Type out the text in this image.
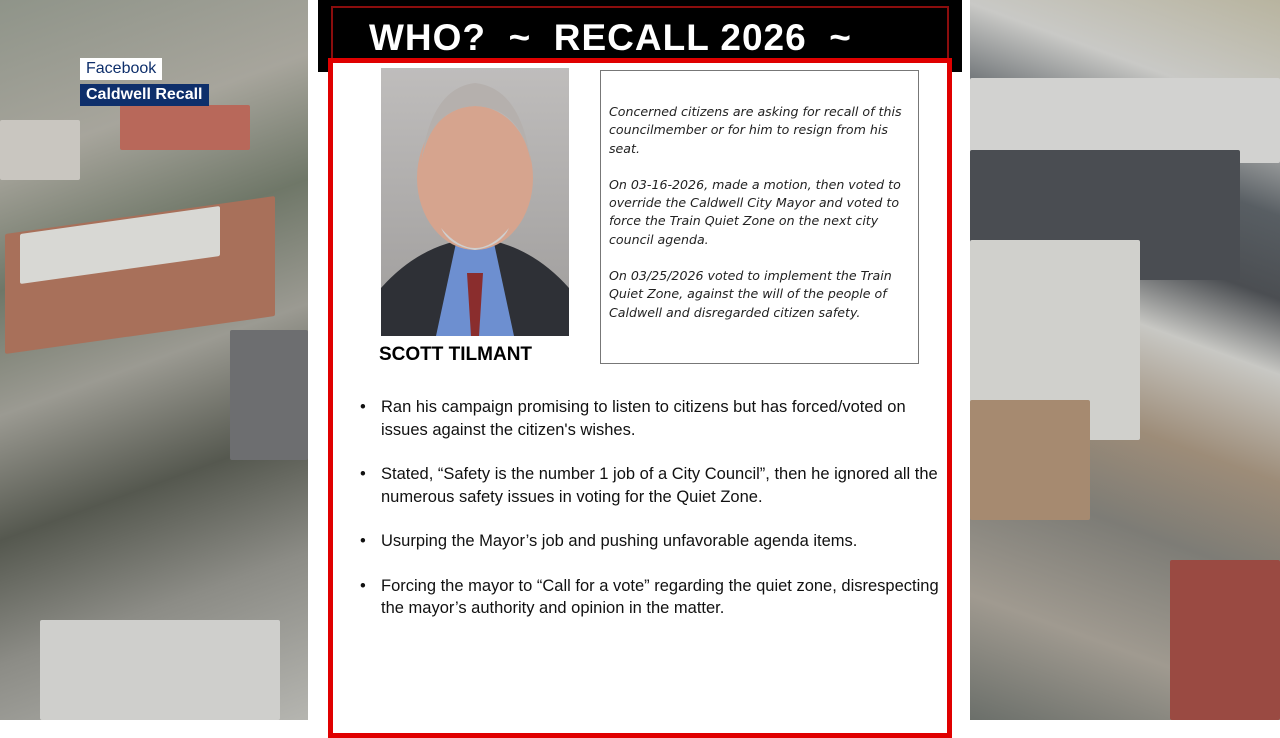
Facebook
Caldwell Recall
WHO?  ~  RECALL 2026  ~
SCOTT TILMANT

Concerned citizens are asking for recall of this councilmember or for him to resign from his seat.

On 03-16-2026, made a motion, then voted to override the Caldwell City Mayor and voted to force the Train Quiet Zone on the next city council agenda.

On 03/25/2026 voted to implement the Train Quiet Zone, against the will of the people of Caldwell and disregarded citizen safety.

• Ran his campaign promising to listen to citizens but has forced/voted on issues against the citizen's wishes.
• Stated, “Safety is the number 1 job of a City Council”, then he ignored all the numerous safety issues in voting for the Quiet Zone.
• Usurping the Mayor’s job and pushing unfavorable agenda items.
• Forcing the mayor to “Call for a vote” regarding the quiet zone, disrespecting the mayor’s authority and opinion in the matter.
